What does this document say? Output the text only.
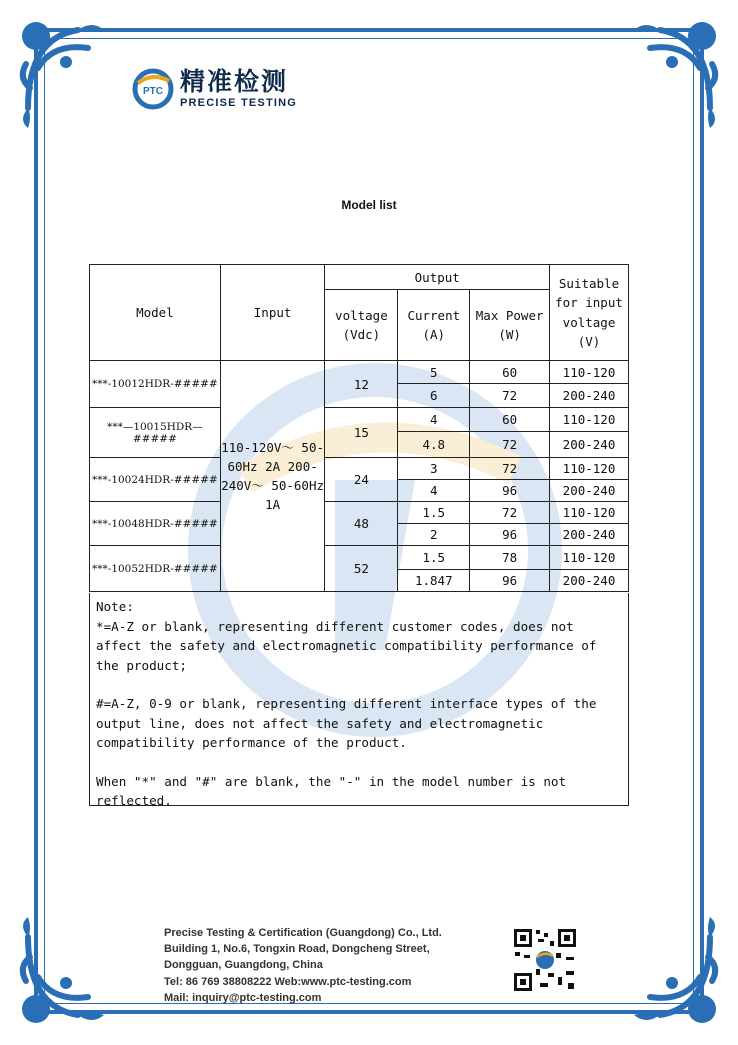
PTC 精准检测
PRECISE TESTING
Model list
Model	Input	Output			Suitable for input voltage (V)
		voltage (Vdc)	Current (A)	Max Power (W)	
***-10012HDR-#####	110-120V～ 50-60Hz 2A 200-240V～ 50-60Hz 1A	12	5	60	110-120
			6	72	200-240
***—10015HDR—#####		15	4	60	110-120
			4.8	72	200-240
***-10024HDR-#####		24	3	72	110-120
			4	96	200-240
***-10048HDR-#####		48	1.5	72	110-120
			2	96	200-240
***-10052HDR-#####		52	1.5	78	110-120
			1.847	96	200-240

Note:

*=A-Z or blank, representing different customer codes, does not affect the safety and electromagnetic compatibility performance of the product;

#=A-Z, 0-9 or blank, representing different interface types of the output line, does not affect the safety and electromagnetic compatibility performance of the product.

When "*" and "#" are blank, the "-" in the model number is not reflected.

Precise Testing & Certification (Guangdong) Co., Ltd.
Building 1, No.6, Tongxin Road, Dongcheng Street,
Dongguan, Guangdong, China
Tel: 86 769 38808222 Web:www.ptc-testing.com
Mail: inquiry@ptc-testing.com
